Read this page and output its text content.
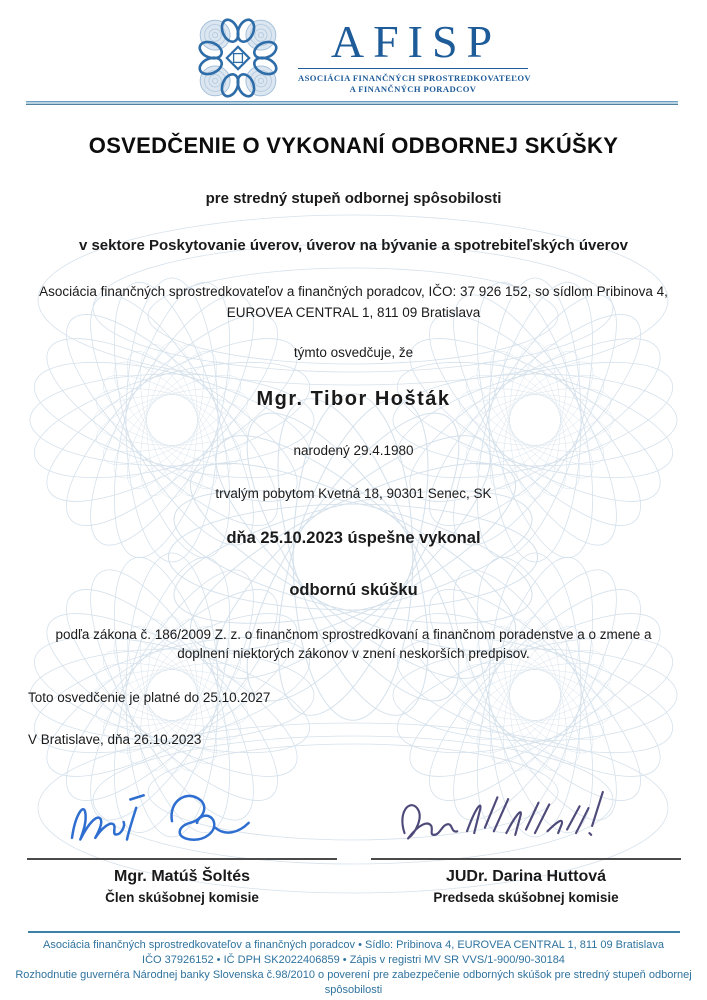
AFISP
ASOCIÁCIA FINANČNÝCH SPROSTREDKOVATEĽOV
A FINANČNÝCH PORADCOV
OSVEDČENIE O VYKONANÍ ODBORNEJ SKÚŠKY
pre stredný stupeň odbornej spôsobilosti
v sektore Poskytovanie úverov, úverov na bývanie a spotrebiteľských úverov
Asociácia finančných sprostredkovateľov a finančných poradcov, IČO: 37 926 152, so sídlom Pribinova 4, EUROVEA CENTRAL 1, 811 09 Bratislava
týmto osvedčuje, že
Mgr. Tibor Hošták
narodený 29.4.1980
trvalým pobytom Kvetná 18, 90301 Senec, SK
dňa 25.10.2023 úspešne vykonal
odbornú skúšku
podľa zákona č. 186/2009 Z. z. o finančnom sprostredkovaní a finančnom poradenstve a o zmene a doplnení niektorých zákonov v znení neskorších predpisov.
Toto osvedčenie je platné do 25.10.2027
V Bratislave, dňa 26.10.2023
Mgr. Matúš Šoltés
Člen skúšobnej komisie
JUDr. Darina Huttová
Predseda skúšobnej komisie
Asociácia finančných sprostredkovateľov a finančných poradcov • Sídlo: Pribinova 4, EUROVEA CENTRAL 1, 811 09 Bratislava
IČO 37926152 • IČ DPH SK2022406859 • Zápis v registri MV SR VVS/1-900/90-30184
Rozhodnutie guvernéra Národnej banky Slovenska č.98/2010 o poverení pre zabezpečenie odborných skúšok pre stredný stupeň odbornej spôsobilosti
